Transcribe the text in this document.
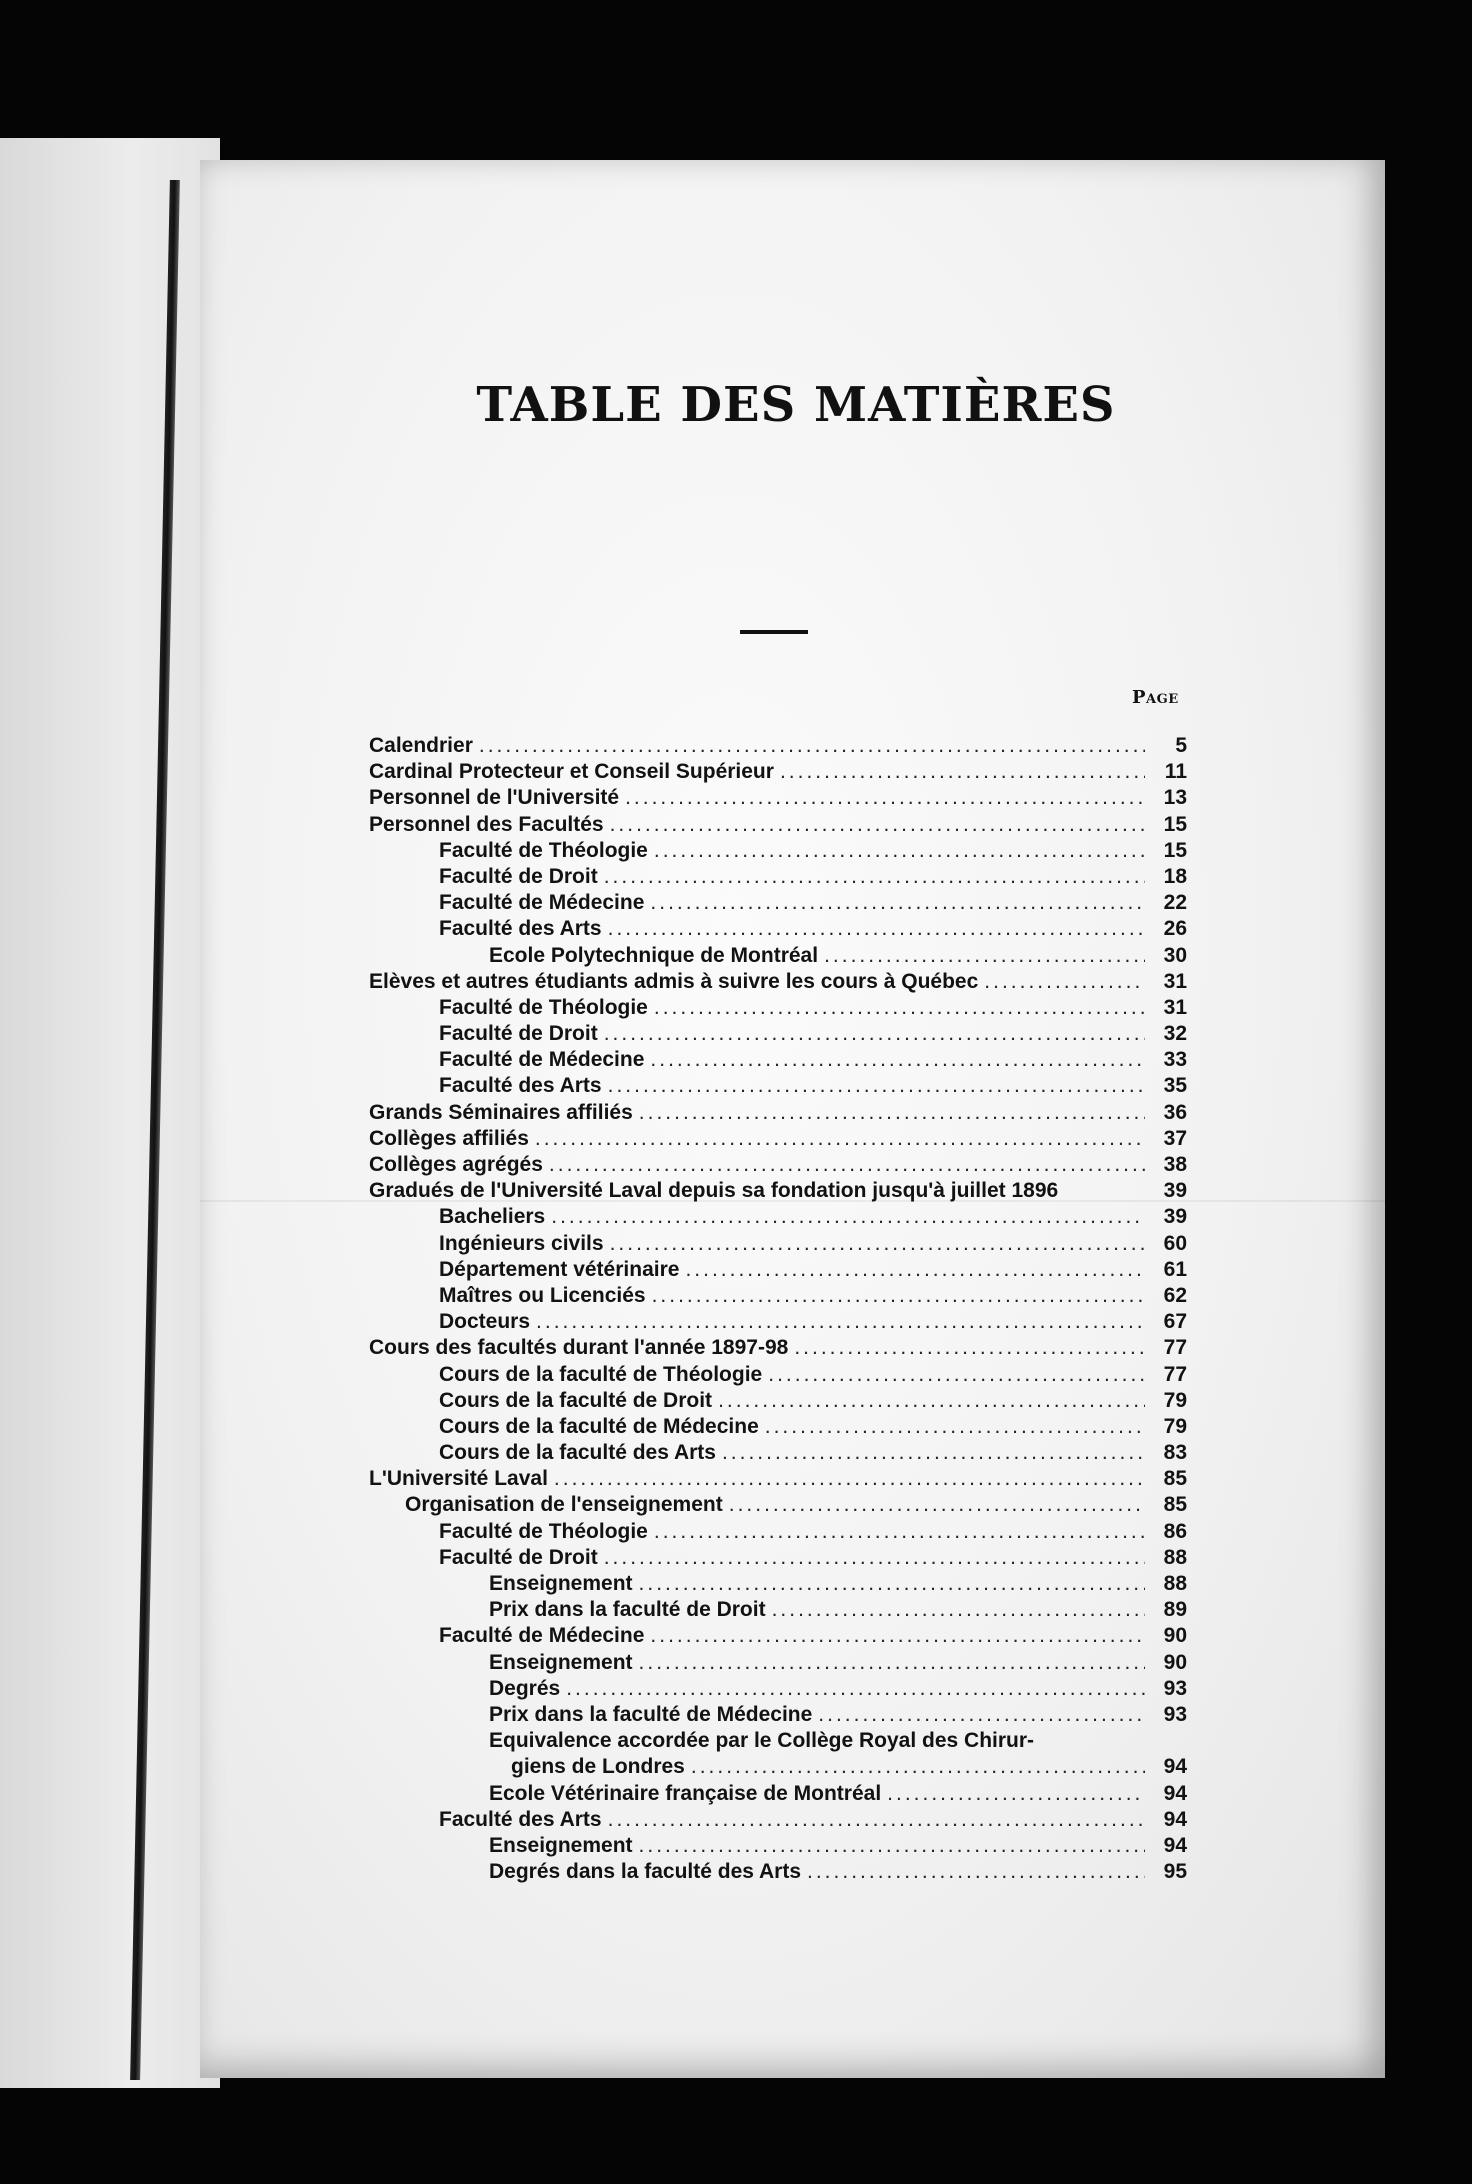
TABLE DES MATIÈRES
Page
Calendrier .....	5
Cardinal Protecteur et Conseil Supérieur .....	11
Personnel de l'Université .....	13
Personnel des Facultés .....	15
Faculté de Théologie .....	15
Faculté de Droit .....	18
Faculté de Médecine .....	22
Faculté des Arts .....	26
Ecole Polytechnique de Montréal .....	30
Elèves et autres étudiants admis à suivre les cours à Québec .....	31
Faculté de Théologie .....	31
Faculté de Droit .....	32
Faculté de Médecine .....	33
Faculté des Arts .....	35
Grands Séminaires affiliés .....	36
Collèges affiliés .....	37
Collèges agrégés .....	38
Gradués de l'Université Laval depuis sa fondation jusqu'à juillet 1896	39
Bacheliers .....	39
Ingénieurs civils .....	60
Département vétérinaire .....	61
Maîtres ou Licenciés .....	62
Docteurs .....	67
Cours des facultés durant l'année 1897-98 .....	77
Cours de la faculté de Théologie .....	77
Cours de la faculté de Droit .....	79
Cours de la faculté de Médecine .....	79
Cours de la faculté des Arts .....	83
L'Université Laval .....	85
Organisation de l'enseignement .....	85
Faculté de Théologie .....	86
Faculté de Droit .....	88
Enseignement .....	88
Prix dans la faculté de Droit .....	89
Faculté de Médecine .....	90
Enseignement .....	90
Degrés .....	93
Prix dans la faculté de Médecine .....	93
Equivalence accordée par le Collège Royal des Chirur-
giens de Londres .....	94
Ecole Vétérinaire française de Montréal .....	94
Faculté des Arts .....	94
Enseignement .....	94
Degrés dans la faculté des Arts .....	95
